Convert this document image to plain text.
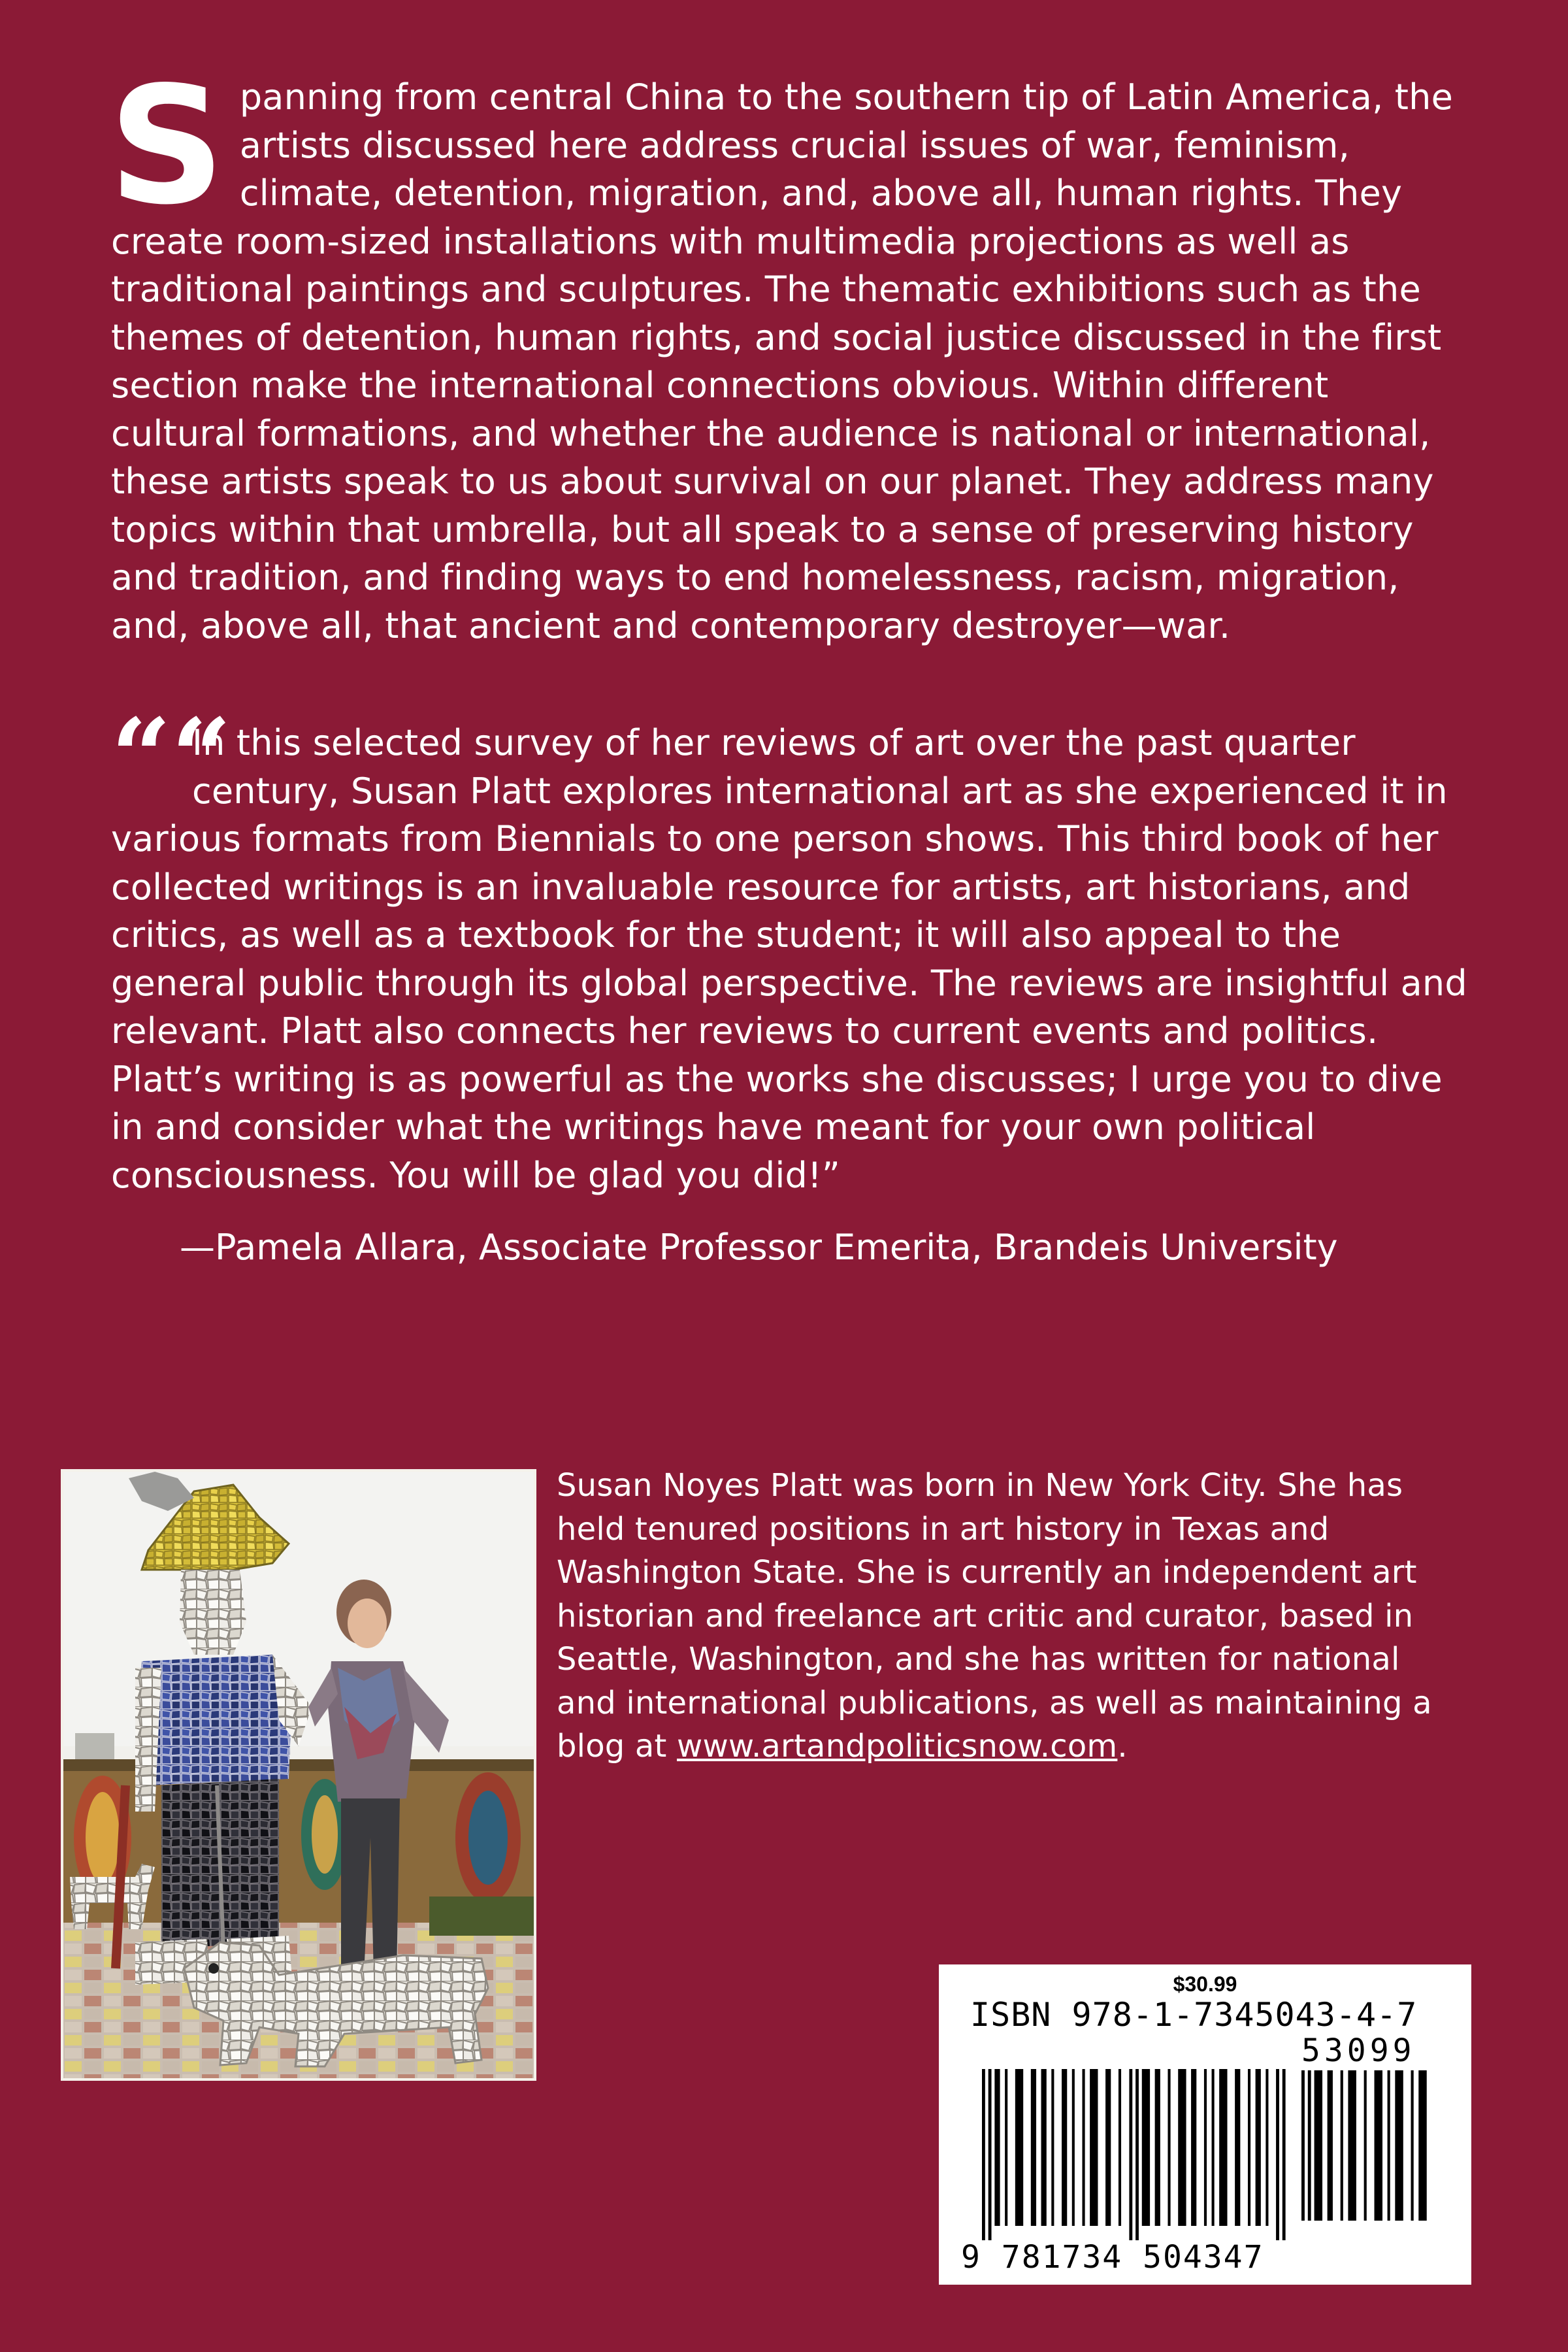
Spanning from central China to the southern tip of Latin America, the artists discussed here address crucial issues of war, feminism, climate, detention, migration, and, above all, human rights. They create room-sized installations with multimedia projections as well as traditional paintings and sculptures. The thematic exhibitions such as the themes of detention, human rights, and social justice discussed in the first section make the international connections obvious. Within different cultural formations, and whether the audience is national or international, these artists speak to us about survival on our planet. They address many topics within that umbrella, but all speak to a sense of preserving history and tradition, and finding ways to end homelessness, racism, migration, and, above all, that ancient and contemporary destroyer—war.
““
In this selected survey of her reviews of art over the past quarter century, Susan Platt explores international art as she experienced it in various formats from Biennials to one person shows. This third book of her collected writings is an invaluable resource for artists, art historians, and critics, as well as a textbook for the student; it will also appeal to the general public through its global perspective. The reviews are insightful and relevant. Platt also connects her reviews to current events and politics. Platt’s writing is as powerful as the works she discusses; I urge you to dive in and consider what the writings have meant for your own political consciousness. You will be glad you did!”
—Pamela Allara, Associate Professor Emerita, Brandeis University
Susan Noyes Platt was born in New York City. She has held tenured positions in art history in Texas and Washington State. She is currently an independent art historian and freelance art critic and curator, based in Seattle, Washington, and she has written for national and international publications, as well as maintaining a blog at www.artandpoliticsnow.com.
$30.99
ISBN 978-1-7345043-4-7
53099
9 781734 504347
